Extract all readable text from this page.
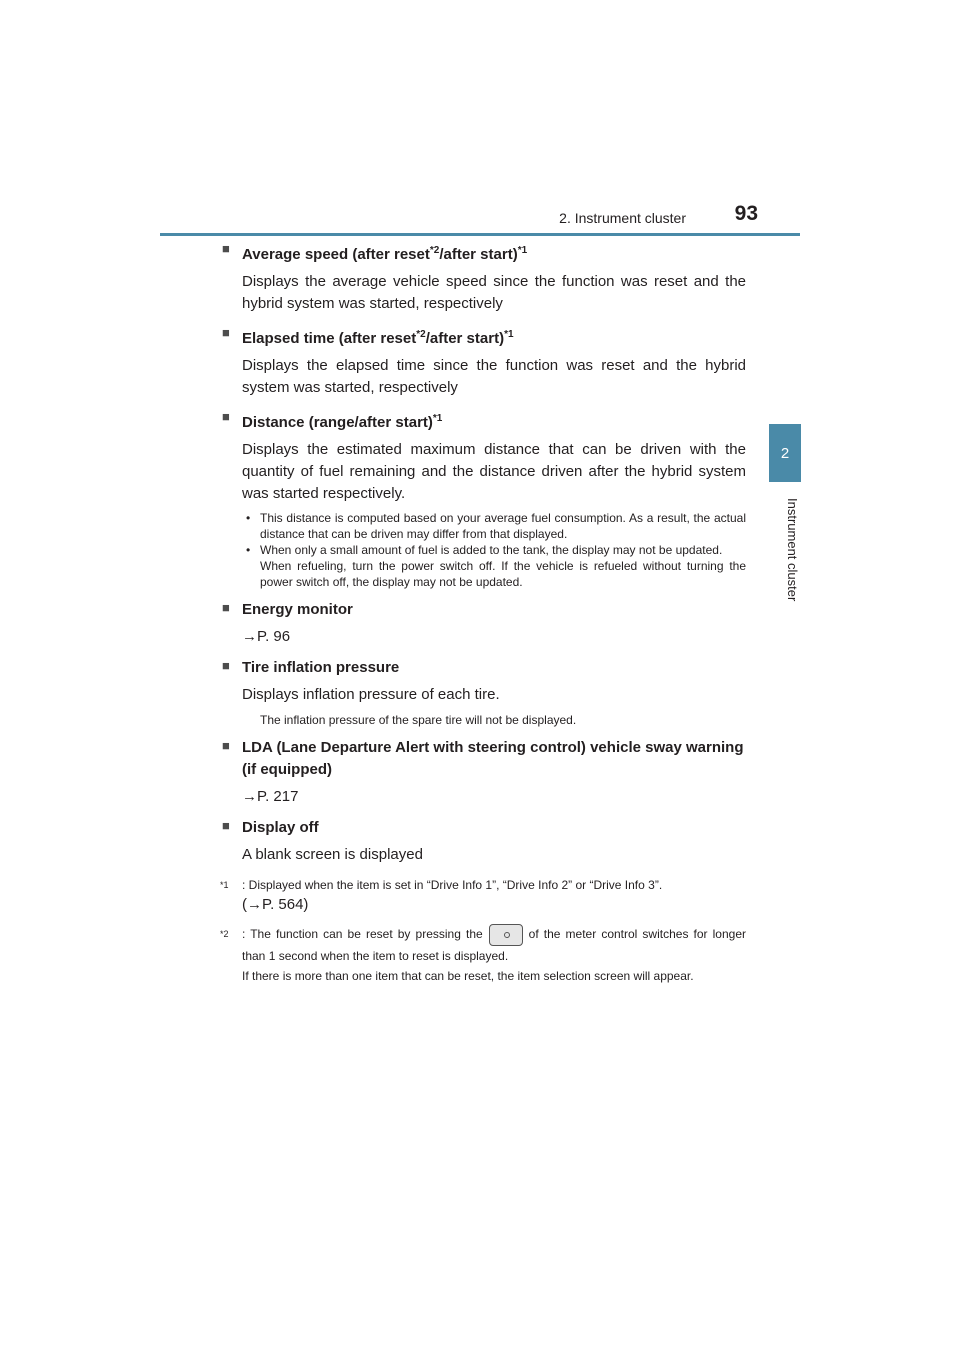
2. Instrument cluster 93
2
Instrument cluster
■ Average speed (after reset$^{*2}$/after start)$^{*1}$

Displays the average vehicle speed since the function was reset and the hybrid system was started, respectively

■ Elapsed time (after reset$^{*2}$/after start)$^{*1}$

Displays the elapsed time since the function was reset and the hybrid system was started, respectively

■ Distance (range/after start)$^{*1}$

Displays the estimated maximum distance that can be driven with the quantity of fuel remaining and the distance driven after the hybrid system was started respectively.

• This distance is computed based on your average fuel consumption. As a result, the actual distance that can be driven may differ from that displayed.
• When only a small amount of fuel is added to the tank, the display may not be updated.
When refueling, turn the power switch off. If the vehicle is refueled without turning the power switch off, the display may not be updated.
■ Energy monitor

→P. 96

■ Tire inflation pressure

Displays inflation pressure of each tire.

The inflation pressure of the spare tire will not be displayed.

■ LDA (Lane Departure Alert with steering control) vehicle sway warning (if equipped)

→P. 217

■ Display off

A blank screen is displayed

$^{*1}$ : Displayed when the item is set in “Drive Info 1”, “Drive Info 2” or “Drive Info 3”.

(→P. 564)

$^{*2}$ : The function can be reset by pressing the	of the meter control switches for longer than 1 second when the item to reset is displayed.

If there is more than one item that can be reset, the item selection screen will appear.
